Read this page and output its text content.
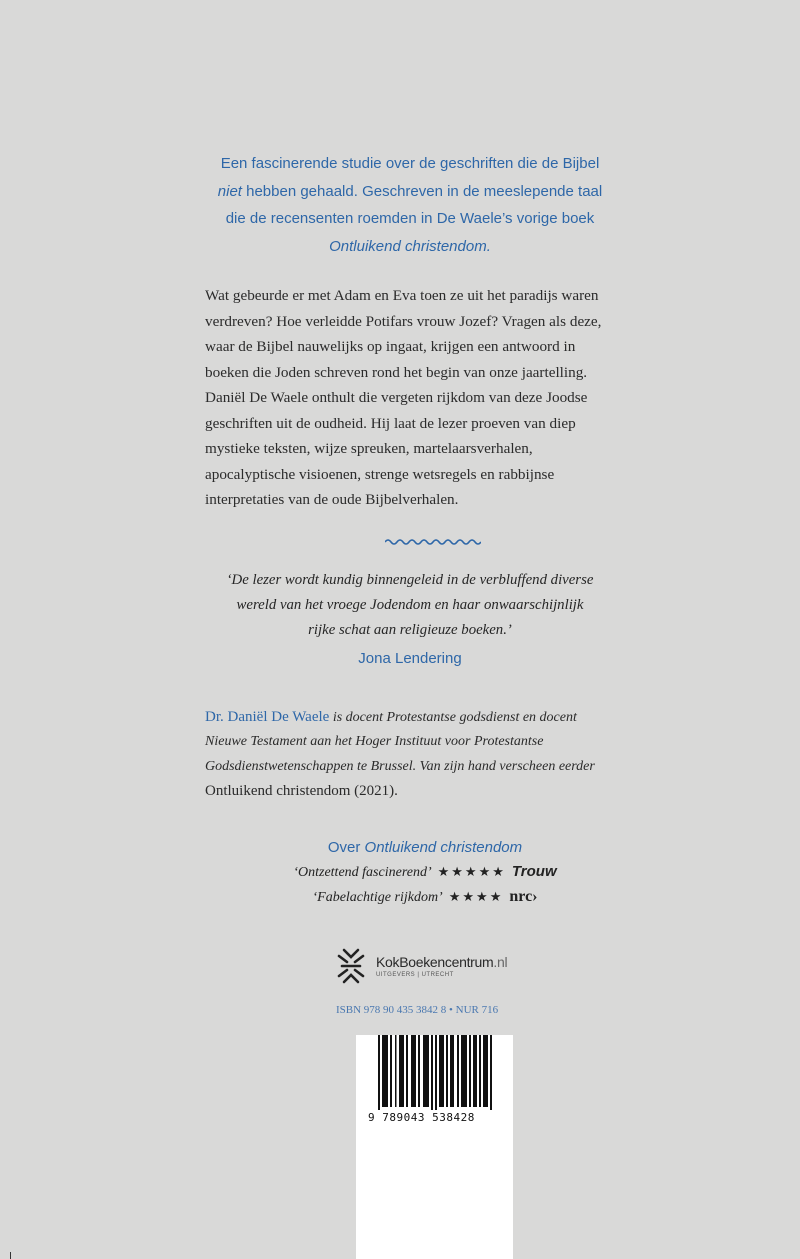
Een fascinerende studie over de geschriften die de Bijbel
niet hebben gehaald. Geschreven in de meeslepende taal
die de recensenten roemden in De Waele’s vorige boek
Ontluikend christendom.
Wat gebeurde er met Adam en Eva toen ze uit het paradijs waren verdreven? Hoe verleidde Potifars vrouw Jozef? Vragen als deze, waar de Bijbel nauwelijks op ingaat, krijgen een antwoord in boeken die Joden schreven rond het begin van onze jaartelling. Daniël De Waele onthult die vergeten rijkdom van deze Joodse geschriften uit de oudheid. Hij laat de lezer proeven van diep mystieke teksten, wijze spreuken, martelaarsverhalen, apocalyptische visioenen, strenge wetsregels en rabbijnse interpretaties van de oude Bijbelverhalen.
‘De lezer wordt kundig binnengeleid in de verbluffend diverse
wereld van het vroege Jodendom en haar onwaarschijnlijk
rijke schat aan religieuze boeken.’
Jona Lendering
Dr. Daniël De Waele is docent Protestantse godsdienst en docent Nieuwe Testament aan het Hoger Instituut voor Protestantse Godsdienstwetenschappen te Brussel. Van zijn hand verscheen eerder Ontluikend christendom (2021).
Over Ontluikend christendom
‘Ontzettend fascinerend’ ★★★★★ Trouw
‘Fabelachtige rijkdom’ ★★★★ nrc›
KokBoekencentrum.nl
UITGEVERS | UTRECHT
ISBN 978 90 435 3842 8 • NUR 716
9 789043 538428
